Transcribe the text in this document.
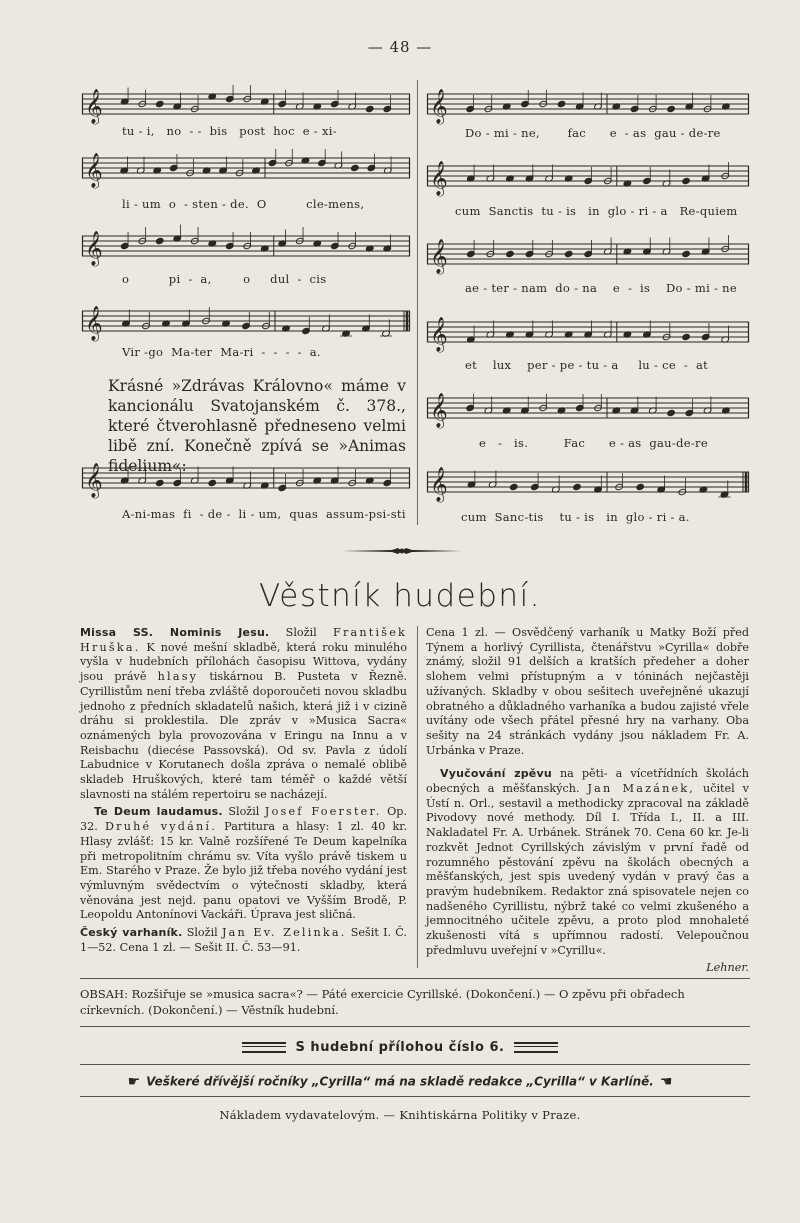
— 48 —
𝄞
tu - i,   no  - -  bis   post  hoc  e - xi-
𝄞
li - um  o  - sten - de.  O          cle-mens,
𝄞
o          pi  -  a,        o     dul  -  cis
𝄞
Vir -go  Ma-ter  Ma-ri  -  -  -  -  a.
Krásné »Zdrávas Královno« máme v kancionálu Svatojanském č. 378., které čtverohlasně předneseno velmi libě zní. Konečně zpívá se »Animas fidelium«:
𝄞
A-ni-mas  fi  - de -  li - um,  quas  assum-psi-sti
𝄞
Do - mi - ne,       fac      e  - as  gau - de-re
𝄞
cum  Sanctis  tu - is   in  glo - ri - a   Re-quiem
𝄞
ae - ter - nam  do - na    e  -  is    Do - mi - ne
𝄞
et    lux    per - pe - tu - a     lu - ce  -  at
𝄞
e   -   is.         Fac      e - as  gau-de-re
𝄞
cum  Sanc-tis    tu - is   in  glo - ri - a.
Věstník hudební.

Missa SS. Nominis Jesu. Složil František Hruška. K nové mešní skladbě, která roku minulého vyšla v hudebních přílohách časopisu Wittova, vydány jsou právě hlasy tiskárnou B. Pusteta v Řezně. Cyrillistům není třeba zvláště doporoučeti novou skladbu jednoho z předních skladatelů našich, která již i v cizině dráhu si proklestila. Dle zpráv v »Musica Sacra« oznámených byla provozována v Eringu na Innu a v Reisbachu (diecése Passovská). Od sv. Pavla z údolí Labudnice v Korutanech došla zpráva o nemalé oblibě skladeb Hruškových, které tam téměř o každé větší slavnosti na stálém repertoiru se nacházejí.

Te Deum laudamus. Složil Josef Foerster. Op. 32. Druhé vydání. Partitura a hlasy: 1 zl. 40 kr. Hlasy zvlášť: 15 kr. Valně rozšířené Te Deum kapelníka při metropolitním chrámu sv. Víta vyšlo právě tiskem u Em. Starého v Praze. Že bylo již třeba nového vydání jest výmluvným svědectvím o výtečnosti skladby, která věnována jest nejd. panu opatovi ve Vyšším Brodě, P. Leopoldu Antonínovi Vackáři. Úprava jest sličná.

Český varhaník. Složil Jan Ev. Zelinka. Sešit I. Č. 1—52. Cena 1 zl. — Sešit II. Č. 53—91.

Cena 1 zl. — Osvědčený varhaník u Matky Boží před Týnem a horlivý Cyrillista, čtenářstvu »Cyrilla« dobře známý, složil 91 delších a kratších předeher a doher slohem velmi přístupným a v tóninách nejčastěji užívaných. Skladby v obou sešitech uveřejněné ukazují obratného a důkladného varhaníka a budou zajisté vřele uvítány ode všech přátel přesné hry na varhany. Oba sešity na 24 stránkách vydány jsou nákladem Fr. A. Urbánka v Praze.

Vyučování zpěvu na pěti- a vícetřídních školách obecných a měšťanských. Jan Mazánek, učitel v Ústí n. Orl., sestavil a methodicky zpracoval na základě Pivodovy nové methody. Díl I. Třída I., II. a III. Nakladatel Fr. A. Urbánek. Stránek 70. Cena 60 kr. Je-li rozkvět Jednot Cyrillských závislým v první řadě od rozumného pěstování zpěvu na školách obecných a měšťanských, jest spis uvedený vydán v pravý čas a pravým hudebníkem. Redaktor zná spisovatele nejen co nadšeného Cyrillistu, nýbrž také co velmi zkušeného a jemnocitného učitele zpěvu, a proto plod mnohaleté zkušenosti vítá s upřímnou radostí. Velepoučnou předmluvu uveřejní v »Cyrillu«.

Lehner.
OBSAH: Rozšiřuje se »musica sacra«? — Páté exercicie Cyrillské. (Dokončení.) — O zpěvu při obřadech církevních. (Dokončení.) — Věstník hudební.
S hudební přílohou číslo 6.
☛ Veškeré dřívější ročníky „Cyrilla“ má na skladě redakce „Cyrilla“ v Karlíně. ☚
Nákladem vydavatelovým. — Knihtiskárna Politiky v Praze.
